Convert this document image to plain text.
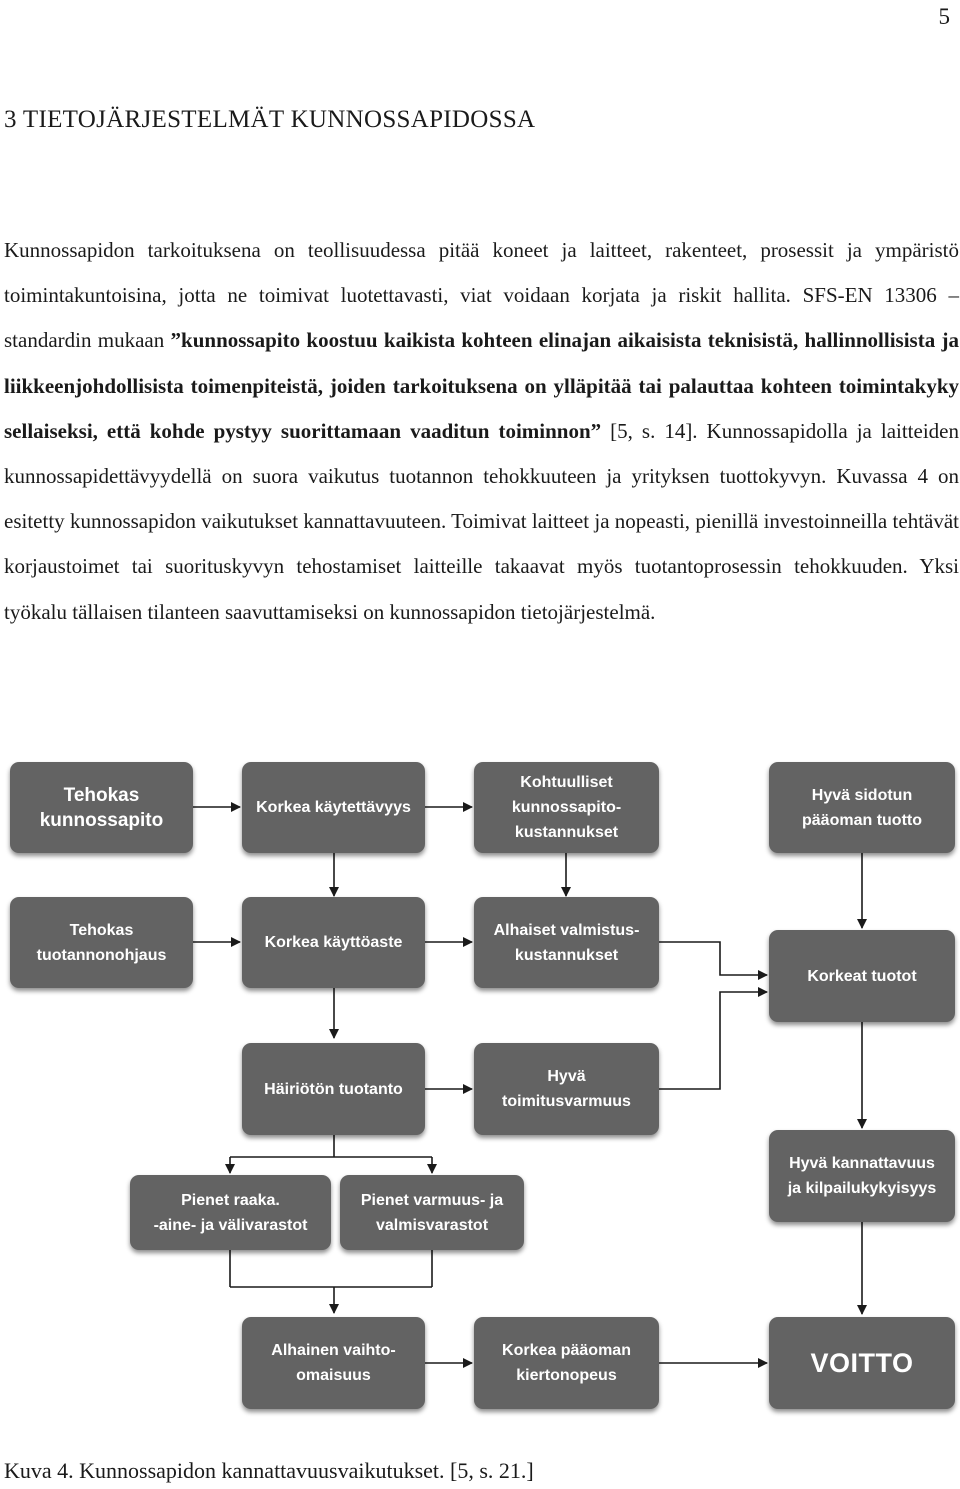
5
3 TIETOJÄRJESTELMÄT KUNNOSSAPIDOSSA
Kunnossapidon tarkoituksena on teollisuudessa pitää koneet ja laitteet, rakenteet, prosessit ja ympäristö toimintakuntoisina, jotta ne toimivat luotettavasti, viat voidaan korjata ja riskit hallita. SFS-EN 13306 –standardin mukaan ”kunnossapito koostuu kaikista kohteen elinajan aikaisista teknisistä, hallinnollisista ja liikkeenjohdollisista toimenpiteistä, joiden tarkoituksena on ylläpitää tai palauttaa kohteen toimintakyky sellaiseksi, että kohde pystyy suorittamaan vaaditun toiminnon” [5, s. 14]. Kunnossapidolla ja laitteiden kunnossapidettävyydellä on suora vaikutus tuotannon tehokkuuteen ja yrityksen tuottokyvyn. Kuvassa 4 on esitetty kunnossapidon vaikutukset kannattavuuteen. Toimivat laitteet ja nopeasti, pienillä investoinneilla tehtävät korjaustoimet tai suorituskyvyn tehostamiset laitteille takaavat myös tuotantoprosessin tehokkuuden. Yksi työkalu tällaisen tilanteen saavuttamiseksi on kunnossapidon tietojärjestelmä.
Tehokas
kunnossapito
Korkea käytettävyys
Kohtuulliset
kunnossapito-
kustannukset
Hyvä sidotun
pääoman tuotto
Tehokas
tuotannonohjaus
Korkea käyttöaste
Alhaiset valmistus-
kustannukset
Korkeat tuotot
Häiriötön tuotanto
Hyvä
toimitusvarmuus
Hyvä kannattavuus
ja kilpailukykyisyys
Pienet raaka.
-aine- ja välivarastot
Pienet varmuus- ja
valmisvarastot
Alhainen vaihto-
omaisuus
Korkea pääoman
kiertonopeus	VOITTO
Kuva 4. Kunnossapidon kannattavuusvaikutukset. [5, s. 21.]
